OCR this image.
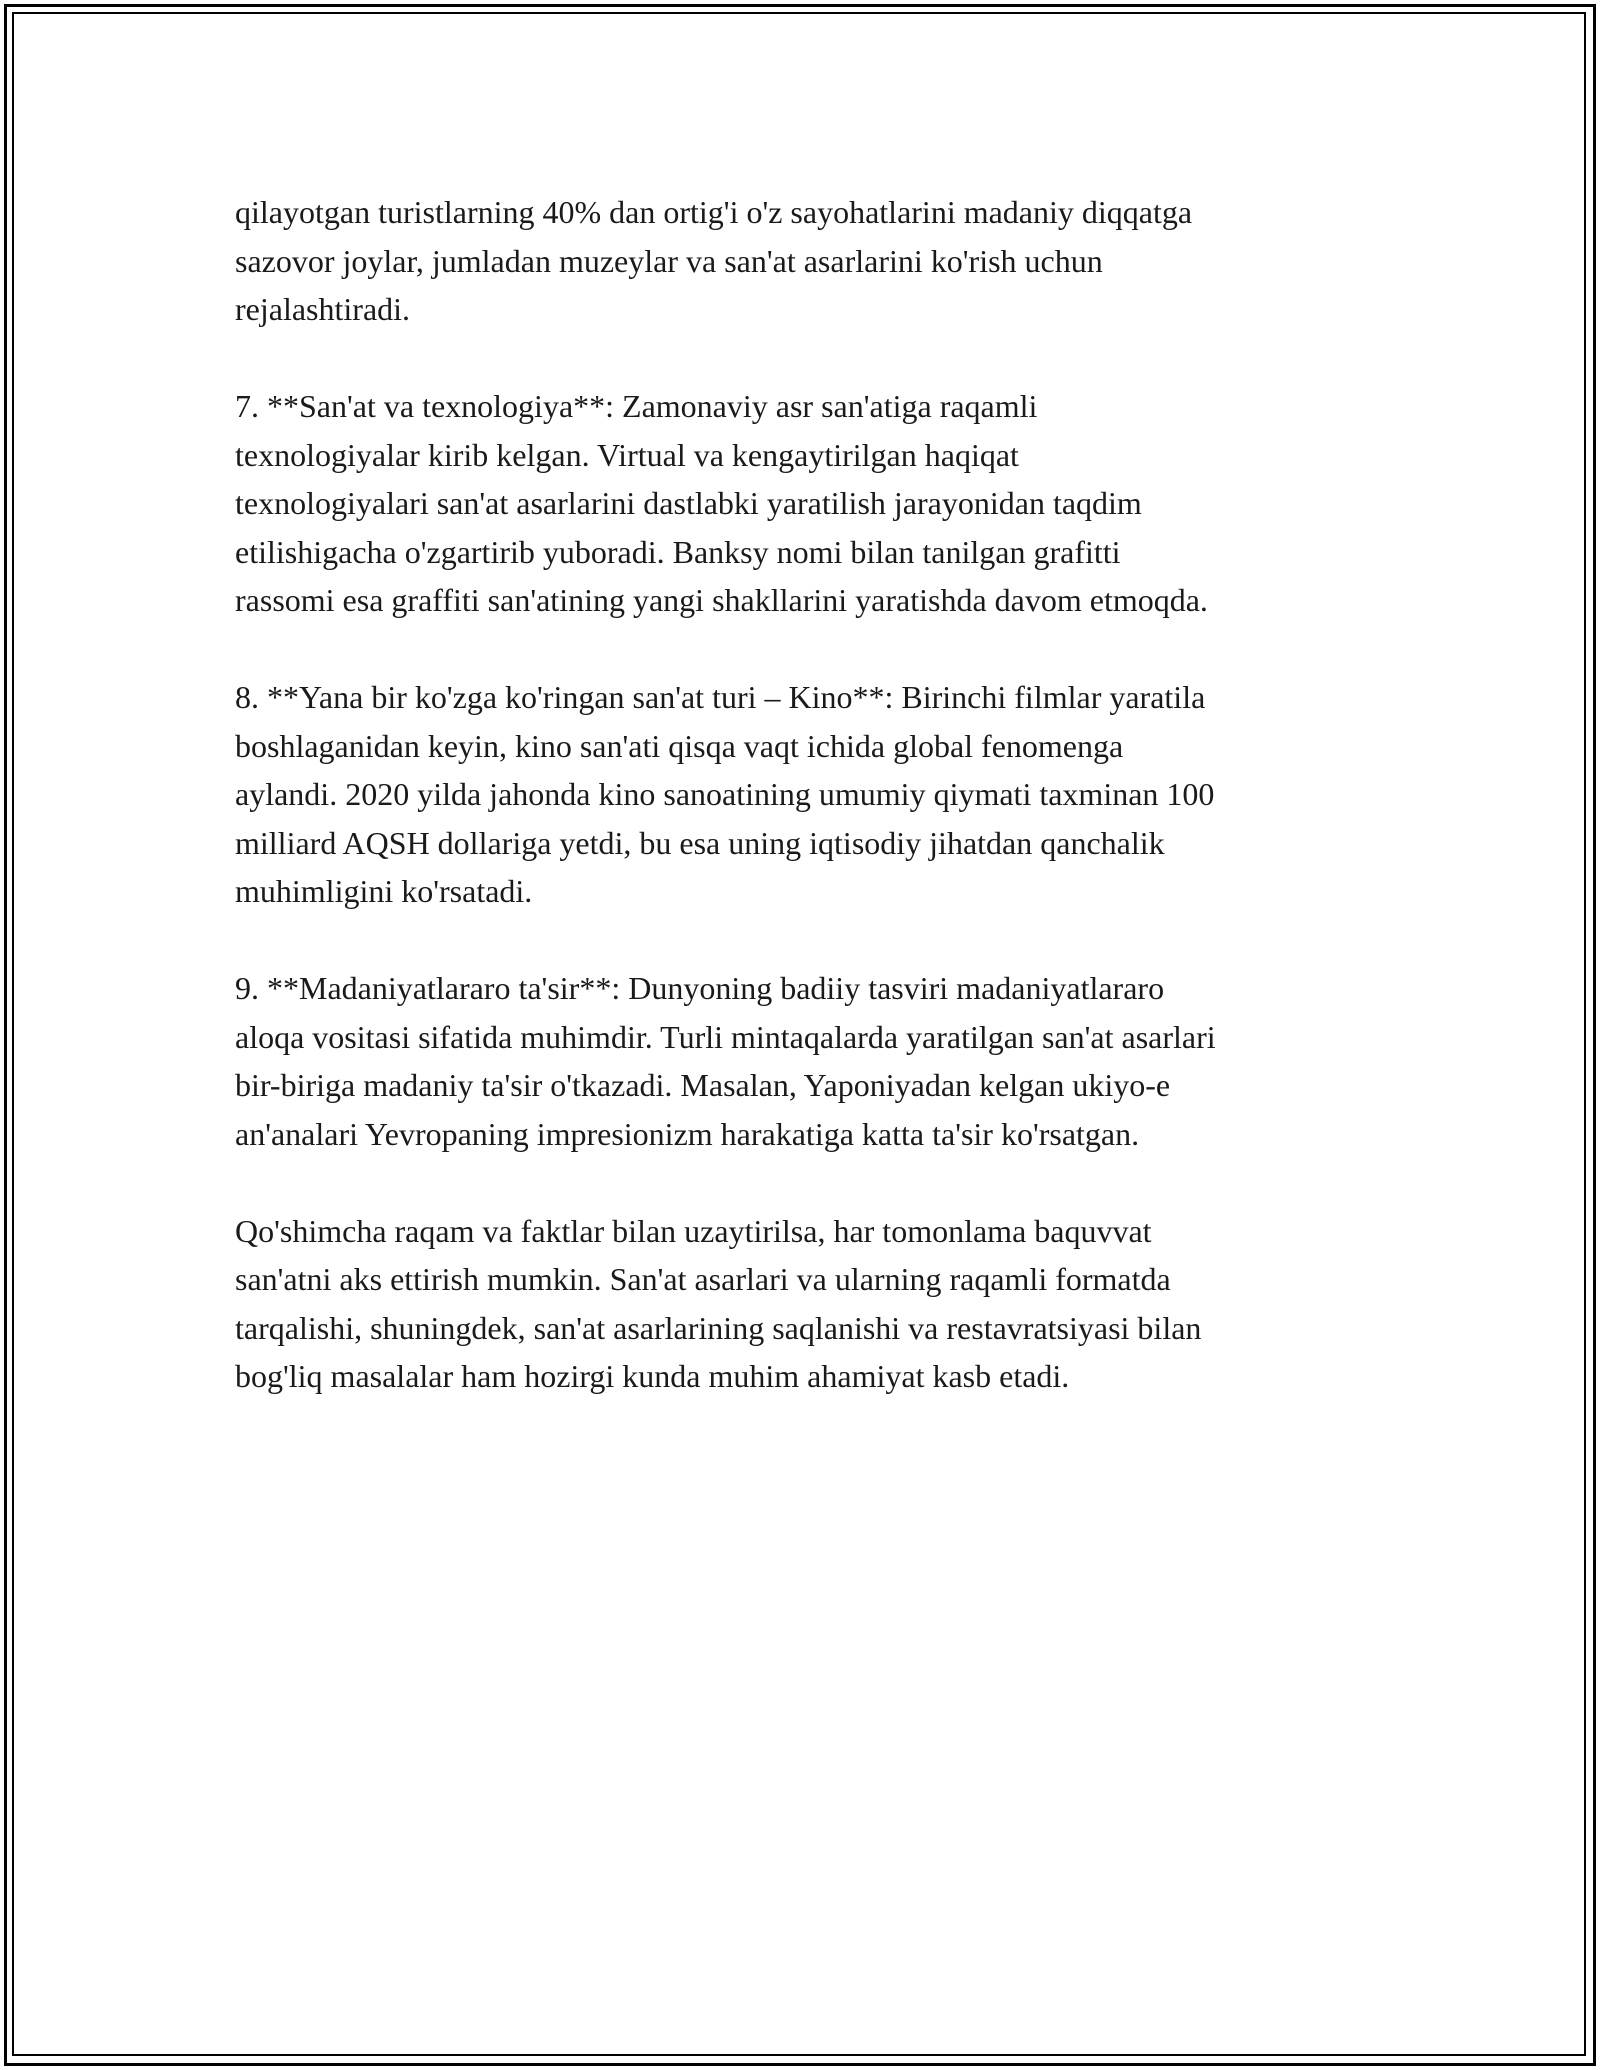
qilayotgan turistlarning 40% dan ortig'i o'z sayohatlarini madaniy diqqatga
sazovor joylar, jumladan muzeylar va san'at asarlarini ko'rish uchun
rejalashtiradi.

7. **San'at va texnologiya**: Zamonaviy asr san'atiga raqamli
texnologiyalar kirib kelgan. Virtual va kengaytirilgan haqiqat
texnologiyalari san'at asarlarini dastlabki yaratilish jarayonidan taqdim
etilishigacha o'zgartirib yuboradi. Banksy nomi bilan tanilgan grafitti
rassomi esa graffiti san'atining yangi shakllarini yaratishda davom etmoqda.

8. **Yana bir ko'zga ko'ringan san'at turi – Kino**: Birinchi filmlar yaratila
boshlaganidan keyin, kino san'ati qisqa vaqt ichida global fenomenga
aylandi. 2020 yilda jahonda kino sanoatining umumiy qiymati taxminan 100
milliard AQSH dollariga yetdi, bu esa uning iqtisodiy jihatdan qanchalik
muhimligini ko'rsatadi.

9. **Madaniyatlararo ta'sir**: Dunyoning badiiy tasviri madaniyatlararo
aloqa vositasi sifatida muhimdir. Turli mintaqalarda yaratilgan san'at asarlari
bir-biriga madaniy ta'sir o'tkazadi. Masalan, Yaponiyadan kelgan ukiyo-e
an'analari Yevropaning impresionizm harakatiga katta ta'sir ko'rsatgan.

Qo'shimcha raqam va faktlar bilan uzaytirilsa, har tomonlama baquvvat
san'atni aks ettirish mumkin. San'at asarlari va ularning raqamli formatda
tarqalishi, shuningdek, san'at asarlarining saqlanishi va restavratsiyasi bilan
bog'liq masalalar ham hozirgi kunda muhim ahamiyat kasb etadi.
